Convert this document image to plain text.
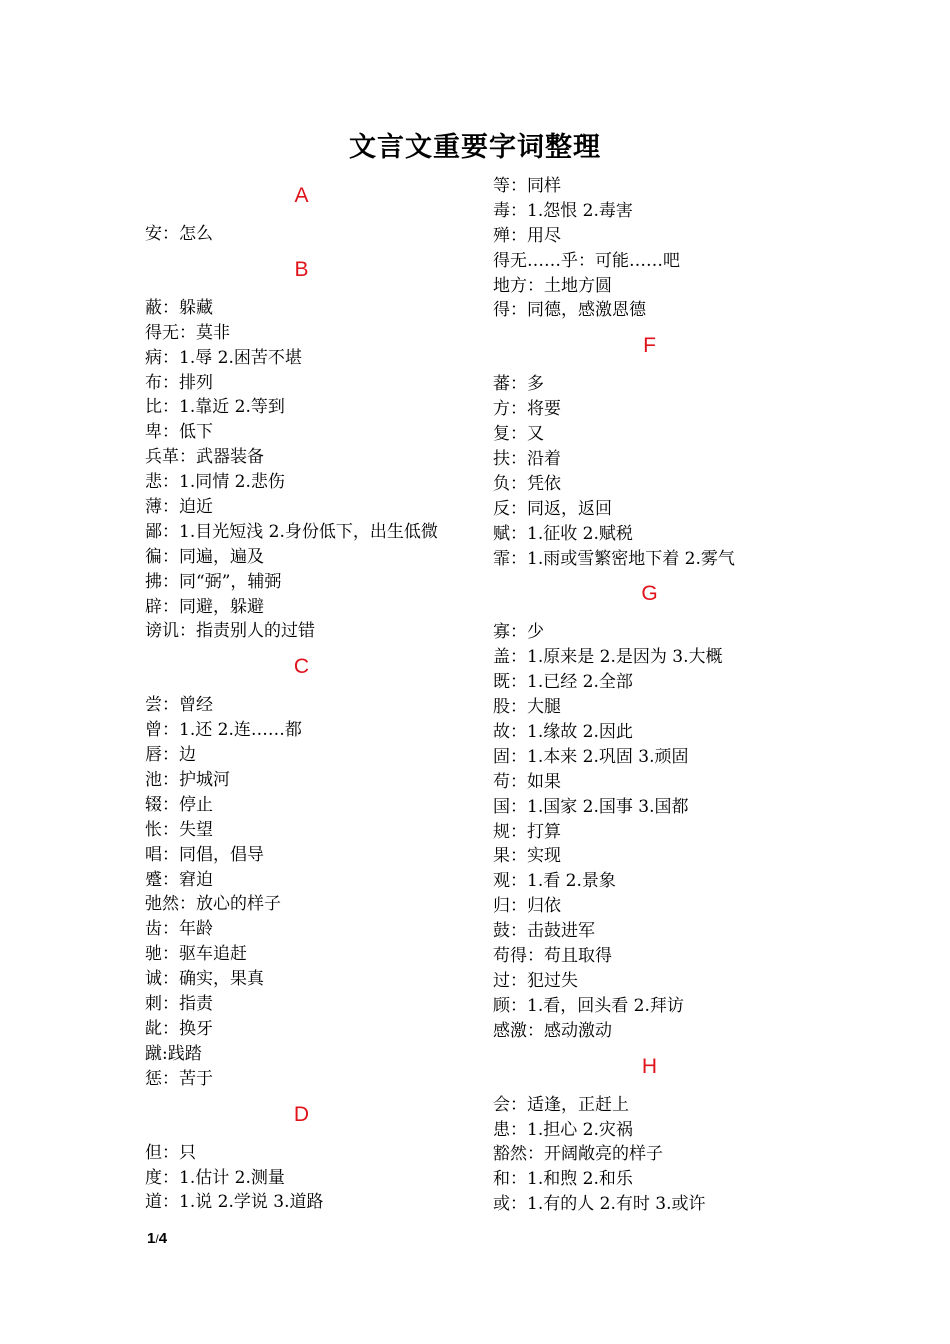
文言文重要字词整理
A
安：怎么
B
蔽：躲藏
得无：莫非
病：1.辱 2.困苦不堪
布：排列
比：1.靠近 2.等到
卑：低下
兵革：武器装备
悲：1.同情 2.悲伤
薄：迫近
鄙：1.目光短浅 2.身份低下，出生低微
徧：同遍，遍及
拂：同“弼”，辅弼
辟：同避，躲避
谤讥：指责别人的过错
C
尝：曾经
曾：1.还 2.连……都
唇：边
池：护城河
辍：停止
怅：失望
唱：同倡，倡导
蹙：窘迫
弛然：放心的样子
齿：年龄
驰：驱车追赶
诚：确实，果真
刺：指责
龀：换牙
蹴:践踏
惩：苦于
D
但：只
度：1.估计 2.测量
道：1.说 2.学说 3.道路
等：同样
毒：1.怨恨 2.毒害
殚：用尽
得无……乎：可能……吧
地方：土地方圆
得：同德，感激恩德
F
蕃：多
方：将要
复：又
扶：沿着
负：凭依
反：同返，返回
赋：1.征收 2.赋税
霏：1.雨或雪繁密地下着 2.雾气
G
寡：少
盖：1.原来是 2.是因为 3.大概
既：1.已经 2.全部
股：大腿
故：1.缘故 2.因此
固：1.本来 2.巩固 3.顽固
苟：如果
国：1.国家 2.国事 3.国都
规：打算
果：实现
观：1.看 2.景象
归：归依
鼓：击鼓进军
苟得：苟且取得
过：犯过失
顾：1.看，回头看 2.拜访
感激：感动激动
H
会：适逢，正赶上
患：1.担心 2.灾祸
豁然：开阔敞亮的样子
和：1.和煦 2.和乐
或：1.有的人 2.有时 3.或许
1/4
